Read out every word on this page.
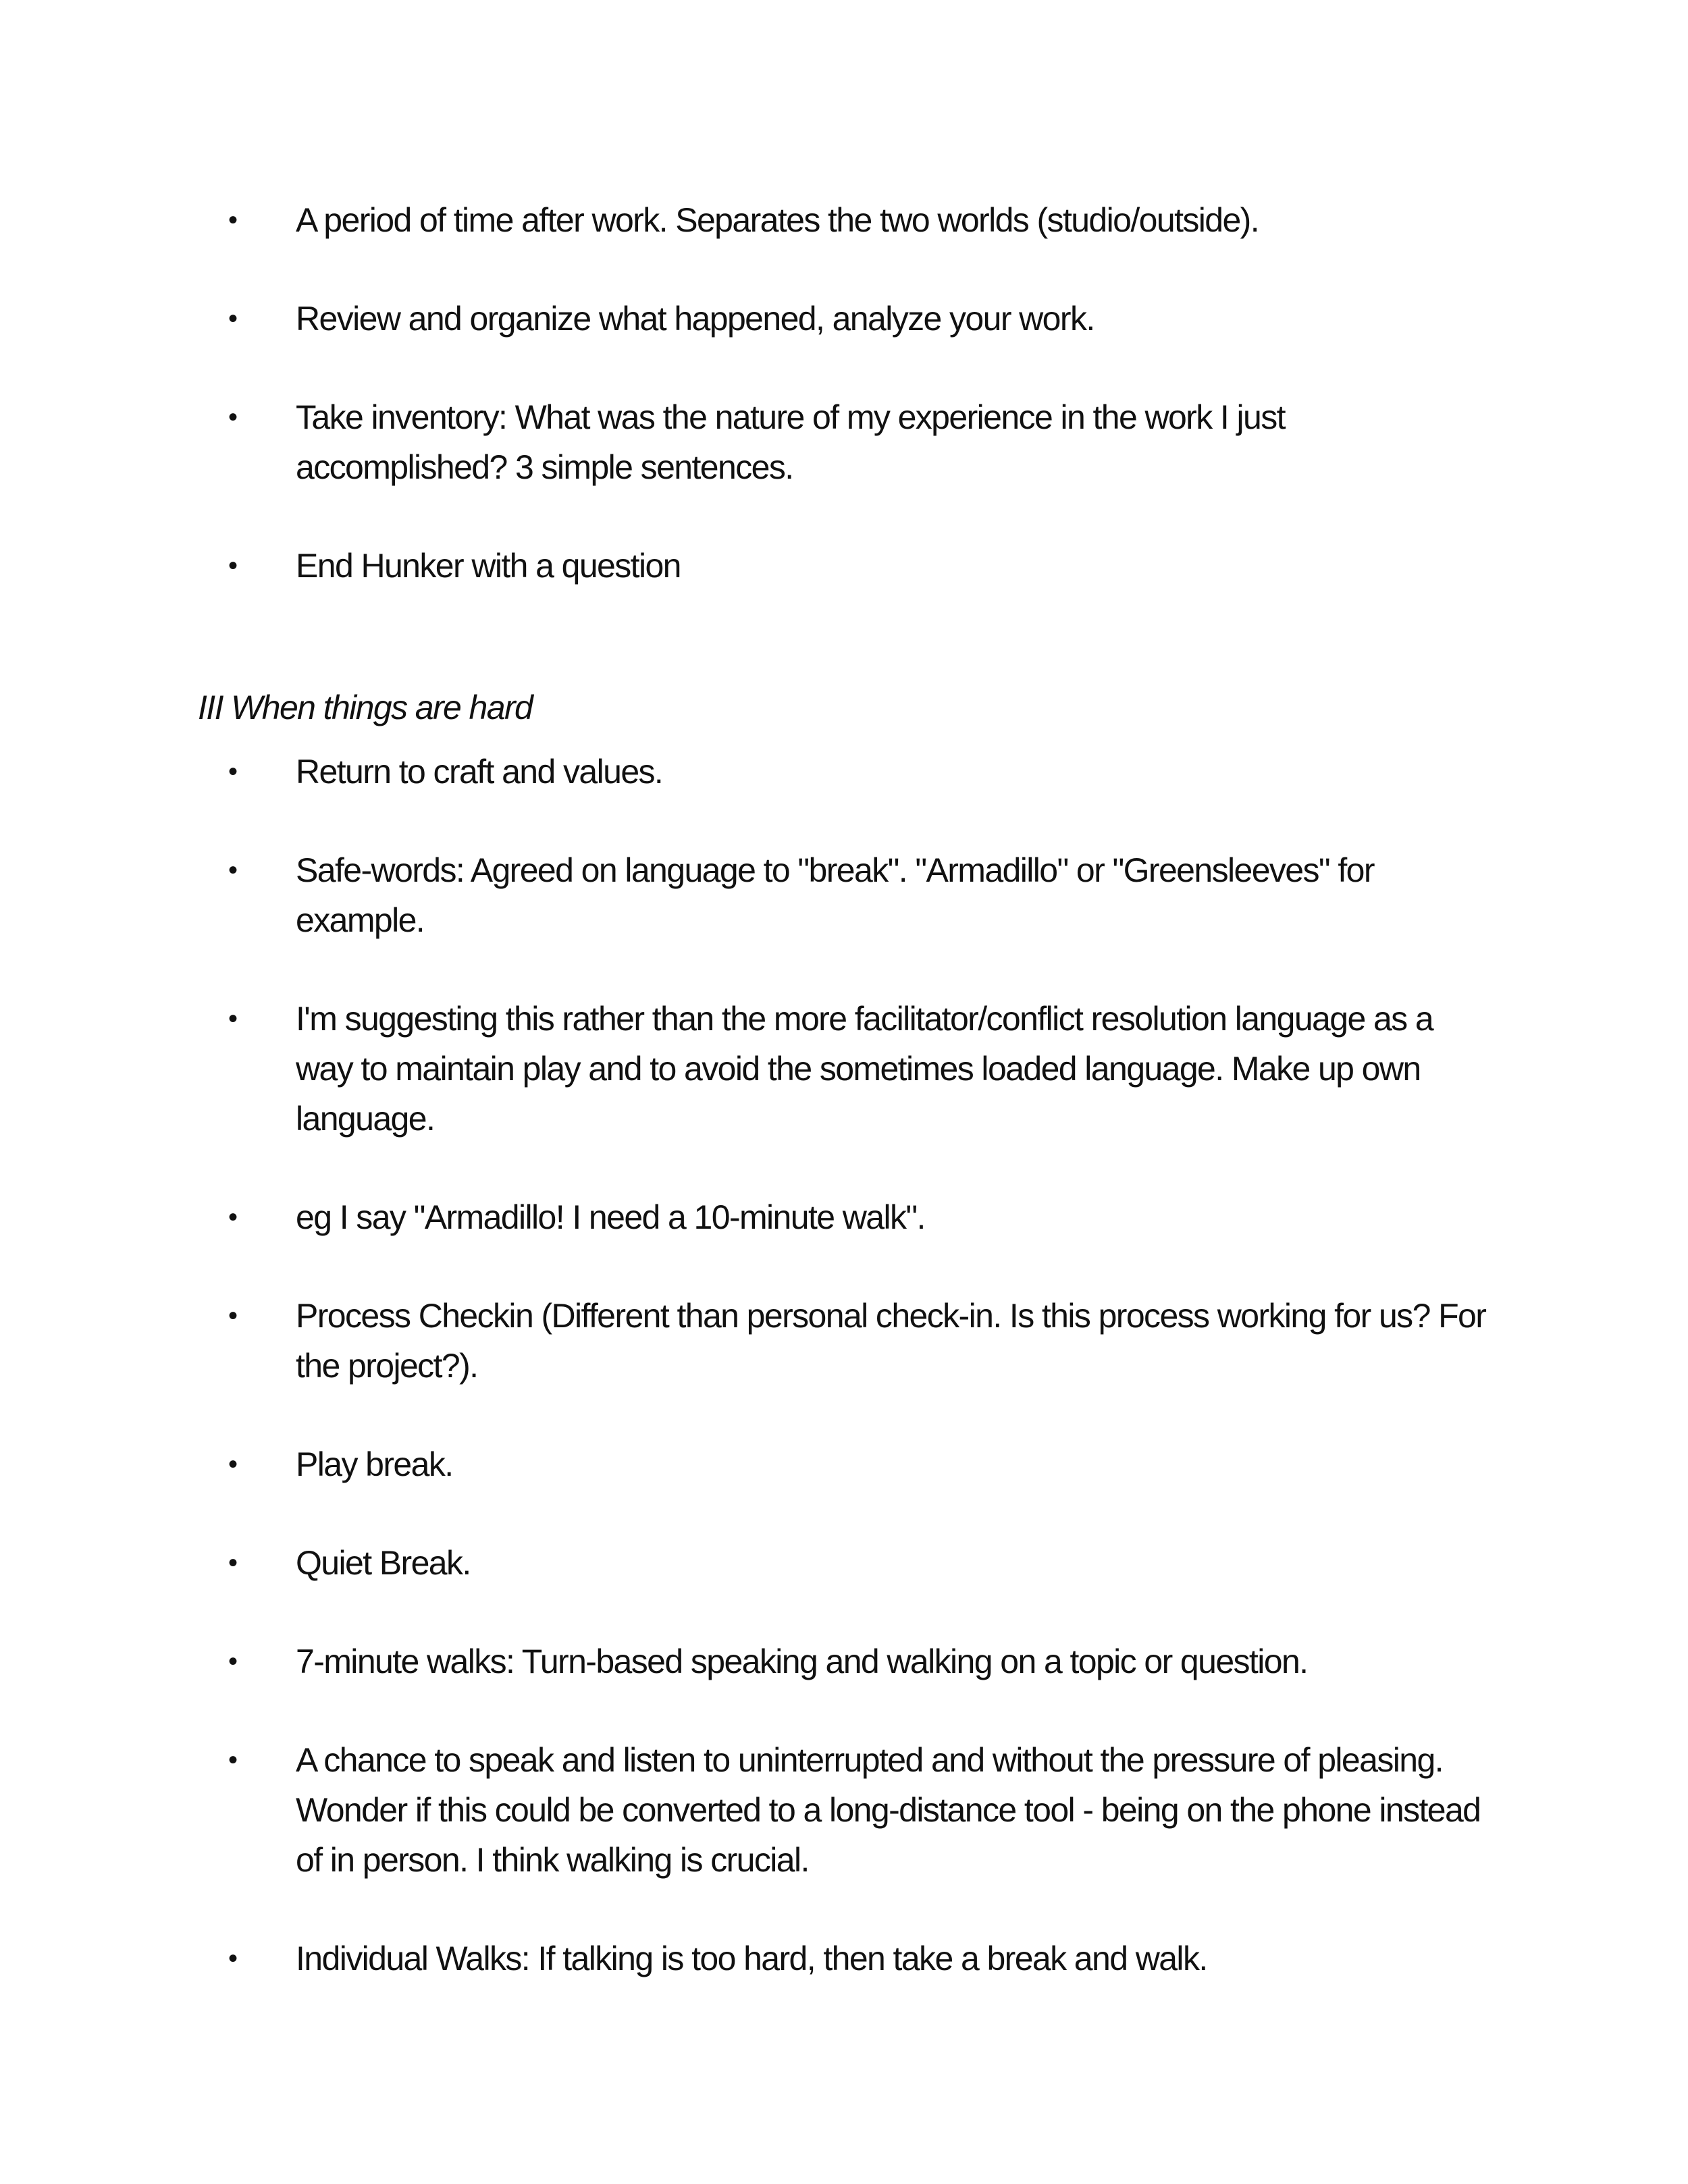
• A period of time after work. Separates the two worlds (studio/outside).
• Review and organize what happened, analyze your work.
• Take inventory: What was the nature of my experience in the work I just accomplished? 3 simple sentences.
• End Hunker with a question
III When things are hard
• Return to craft and values.
• Safe-words: Agreed on language to "break". "Armadillo" or "Greensleeves" for example.
• I'm suggesting this rather than the more facilitator/conflict resolution language as a way to maintain play and to avoid the sometimes loaded language. Make up own language.
• eg I say "Armadillo! I need a 10-minute walk".
• Process Checkin (Different than personal check-in. Is this process working for us? For the project?).
• Play break.
• Quiet Break.
• 7-minute walks: Turn-based speaking and walking on a topic or question.
• A chance to speak and listen to uninterrupted and without the pressure of pleasing. Wonder if this could be converted to a long-distance tool - being on the phone instead of in person. I think walking is crucial.
• Individual Walks: If talking is too hard, then take a break and walk.
